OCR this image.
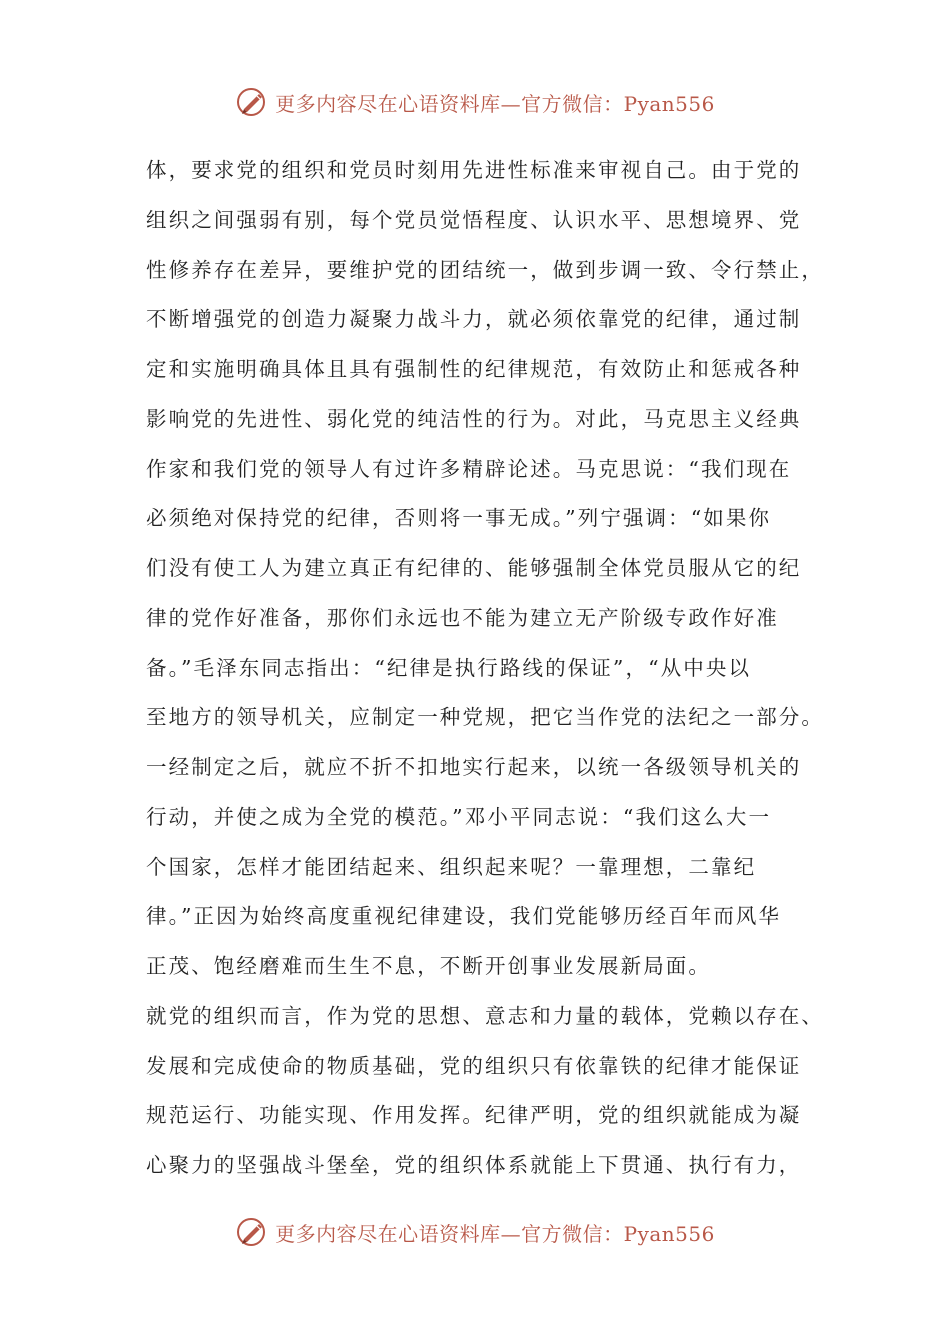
更多内容尽在心语资料库—官方微信：Pyan556
体，要求党的组织和党员时刻用先进性标准来审视自己。由于党的
组织之间强弱有别，每个党员觉悟程度、认识水平、思想境界、党
性修养存在差异，要维护党的团结统一，做到步调一致、令行禁止，
不断增强党的创造力凝聚力战斗力，就必须依靠党的纪律，通过制
定和实施明确具体且具有强制性的纪律规范，有效防止和惩戒各种
影响党的先进性、弱化党的纯洁性的行为。对此，马克思主义经典
作家和我们党的领导人有过许多精辟论述。马克思说：“我们现在
必须绝对保持党的纪律，否则将一事无成。”列宁强调：“如果你
们没有使工人为建立真正有纪律的、能够强制全体党员服从它的纪
律的党作好准备，那你们永远也不能为建立无产阶级专政作好准
备。”毛泽东同志指出：“纪律是执行路线的保证”，“从中央以
至地方的领导机关，应制定一种党规，把它当作党的法纪之一部分。
一经制定之后，就应不折不扣地实行起来，以统一各级领导机关的
行动，并使之成为全党的模范。”邓小平同志说：“我们这么大一
个国家，怎样才能团结起来、组织起来呢？一靠理想，二靠纪
律。”正因为始终高度重视纪律建设，我们党能够历经百年而风华
正茂、饱经磨难而生生不息，不断开创事业发展新局面。
就党的组织而言，作为党的思想、意志和力量的载体，党赖以存在、
发展和完成使命的物质基础，党的组织只有依靠铁的纪律才能保证
规范运行、功能实现、作用发挥。纪律严明，党的组织就能成为凝
心聚力的坚强战斗堡垒，党的组织体系就能上下贯通、执行有力，
更多内容尽在心语资料库—官方微信：Pyan556
